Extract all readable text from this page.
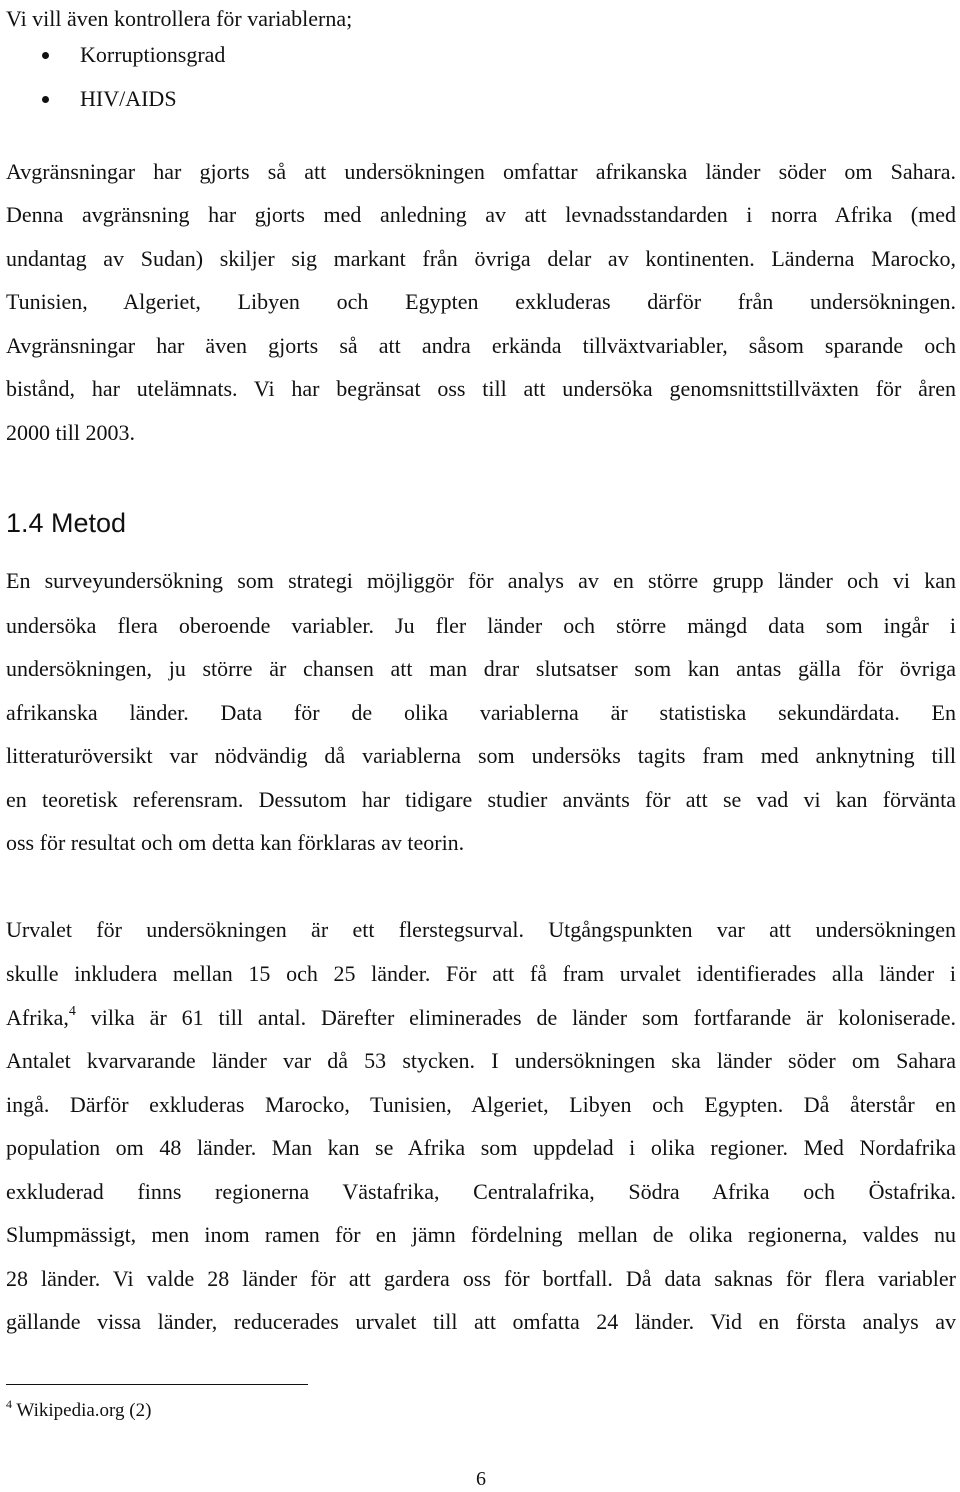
Vi vill även kontrollera för variablerna;
Korruptionsgrad
HIV/AIDS
Avgränsningar har gjorts så att undersökningen omfattar afrikanska länder söder om Sahara.
Denna avgränsning har gjorts med anledning av att levnadsstandarden i norra Afrika (med
undantag av Sudan) skiljer sig markant från övriga delar av kontinenten. Länderna Marocko,
Tunisien, Algeriet, Libyen och Egypten exkluderas därför från undersökningen.
Avgränsningar har även gjorts så att andra erkända tillväxtvariabler, såsom sparande och
bistånd, har utelämnats. Vi har begränsat oss till att undersöka genomsnittstillväxten för åren
2000 till 2003.
1.4 Metod
En surveyundersökning som strategi möjliggör för analys av en större grupp länder och vi kan
undersöka flera oberoende variabler. Ju fler länder och större mängd data som ingår i
undersökningen, ju större är chansen att man drar slutsatser som kan antas gälla för övriga
afrikanska länder. Data för de olika variablerna är statistiska sekundärdata. En
litteraturöversikt var nödvändig då variablerna som undersöks tagits fram med anknytning till
en teoretisk referensram. Dessutom har tidigare studier använts för att se vad vi kan förvänta
oss för resultat och om detta kan förklaras av teorin.
Urvalet för undersökningen är ett flerstegsurval. Utgångspunkten var att undersökningen
skulle inkludera mellan 15 och 25 länder. För att få fram urvalet identifierades alla länder i
Afrika,$^4$ vilka är 61 till antal. Därefter eliminerades de länder som fortfarande är koloniserade.
Antalet kvarvarande länder var då 53 stycken. I undersökningen ska länder söder om Sahara
ingå. Därför exkluderas Marocko, Tunisien, Algeriet, Libyen och Egypten. Då återstår en
population om 48 länder. Man kan se Afrika som uppdelad i olika regioner. Med Nordafrika
exkluderad finns regionerna Västafrika, Centralafrika, Södra Afrika och Östafrika.
Slumpmässigt, men inom ramen för en jämn fördelning mellan de olika regionerna, valdes nu
28 länder. Vi valde 28 länder för att gardera oss för bortfall. Då data saknas för flera variabler
gällande vissa länder, reducerades urvalet till att omfatta 24 länder. Vid en första analys av
$^4$ Wikipedia.org (2)
6
